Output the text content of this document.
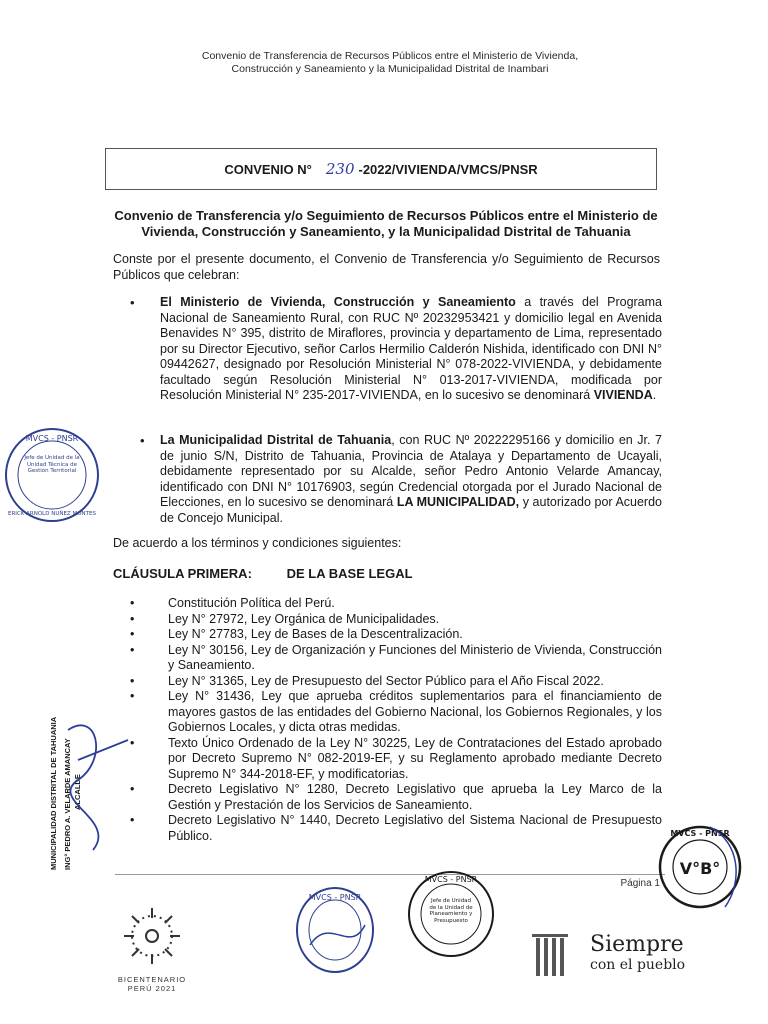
Convenio de Transferencia de Recursos Públicos entre el Ministerio de Vivienda,
Construcción y Saneamiento y la Municipalidad Distrital de Inambari
CONVENIO N° 230 -2022/VIVIENDA/VMCS/PNSR
Convenio de Transferencia y/o Seguimiento de Recursos Públicos entre el Ministerio de Vivienda, Construcción y Saneamiento, y la Municipalidad Distrital de Tahuania
Conste por el presente documento, el Convenio de Transferencia y/o Seguimiento de Recursos Públicos que celebran:
• El Ministerio de Vivienda, Construcción y Saneamiento a través del Programa Nacional de Saneamiento Rural, con RUC Nº 20232953421 y domicilio legal en Avenida Benavides N° 395, distrito de Miraflores, provincia y departamento de Lima, representado por su Director Ejecutivo, señor Carlos Hermilio Calderón Nishida, identificado con DNI N° 09442627, designado por Resolución Ministerial N° 078-2022-VIVIENDA, y debidamente facultado según Resolución Ministerial N° 013-2017-VIVIENDA, modificada por Resolución Ministerial N° 235-2017-VIVIENDA, en lo sucesivo se denominará VIVIENDA.
• La Municipalidad Distrital de Tahuania, con RUC Nº 20222295166 y domicilio en Jr. 7 de junio S/N, Distrito de Tahuania, Provincia de Atalaya y Departamento de Ucayali, debidamente representado por su Alcalde, señor Pedro Antonio Velarde Amancay, identificado con DNI N° 10176903, según Credencial otorgada por el Jurado Nacional de Elecciones, en lo sucesivo se denominará LA MUNICIPALIDAD, y autorizado por Acuerdo de Concejo Municipal.
De acuerdo a los términos y condiciones siguientes:
CLÁUSULA PRIMERA:	DE LA BASE LEGAL
• Constitución Política del Perú.
• Ley N° 27972, Ley Orgánica de Municipalidades.
• Ley N° 27783, Ley de Bases de la Descentralización.
• Ley N° 30156, Ley de Organización y Funciones del Ministerio de Vivienda, Construcción y Saneamiento.
• Ley N° 31365, Ley de Presupuesto del Sector Público para el Año Fiscal 2022.
• Ley N° 31436, Ley que aprueba créditos suplementarios para el financiamiento de mayores gastos de las entidades del Gobierno Nacional, los Gobiernos Regionales, y los Gobiernos Locales, y dicta otras medidas.
• Texto Único Ordenado de la Ley N° 30225, Ley de Contrataciones del Estado aprobado por Decreto Supremo N° 082-2019-EF, y su Reglamento aprobado mediante Decreto Supremo N° 344-2018-EF, y modificatorias.
• Decreto Legislativo N° 1280, Decreto Legislativo que aprueba la Ley Marco de la Gestión y Prestación de los Servicios de Saneamiento.
• Decreto Legislativo N° 1440, Decreto Legislativo del Sistema Nacional de Presupuesto Público.
MVCS - PNSR
ERICK ARNOLD NUÑEZ MONTES
Jefe de Unidad de la Unidad Técnica de Gestión Territorial
MUNICIPALIDAD DISTRITAL DE TAHUANIA ING° PEDRO A. VELARDE AMANCAY ALCALDE
Página 1
BICENTENARIO
PERÚ 2021
MVCS - PNSR
MVCS - PNSR
Jefe de Unidad de la Unidad de Planeamiento y Presupuesto
MVCS - PNSR
V°B°
Siempre
con el pueblo
